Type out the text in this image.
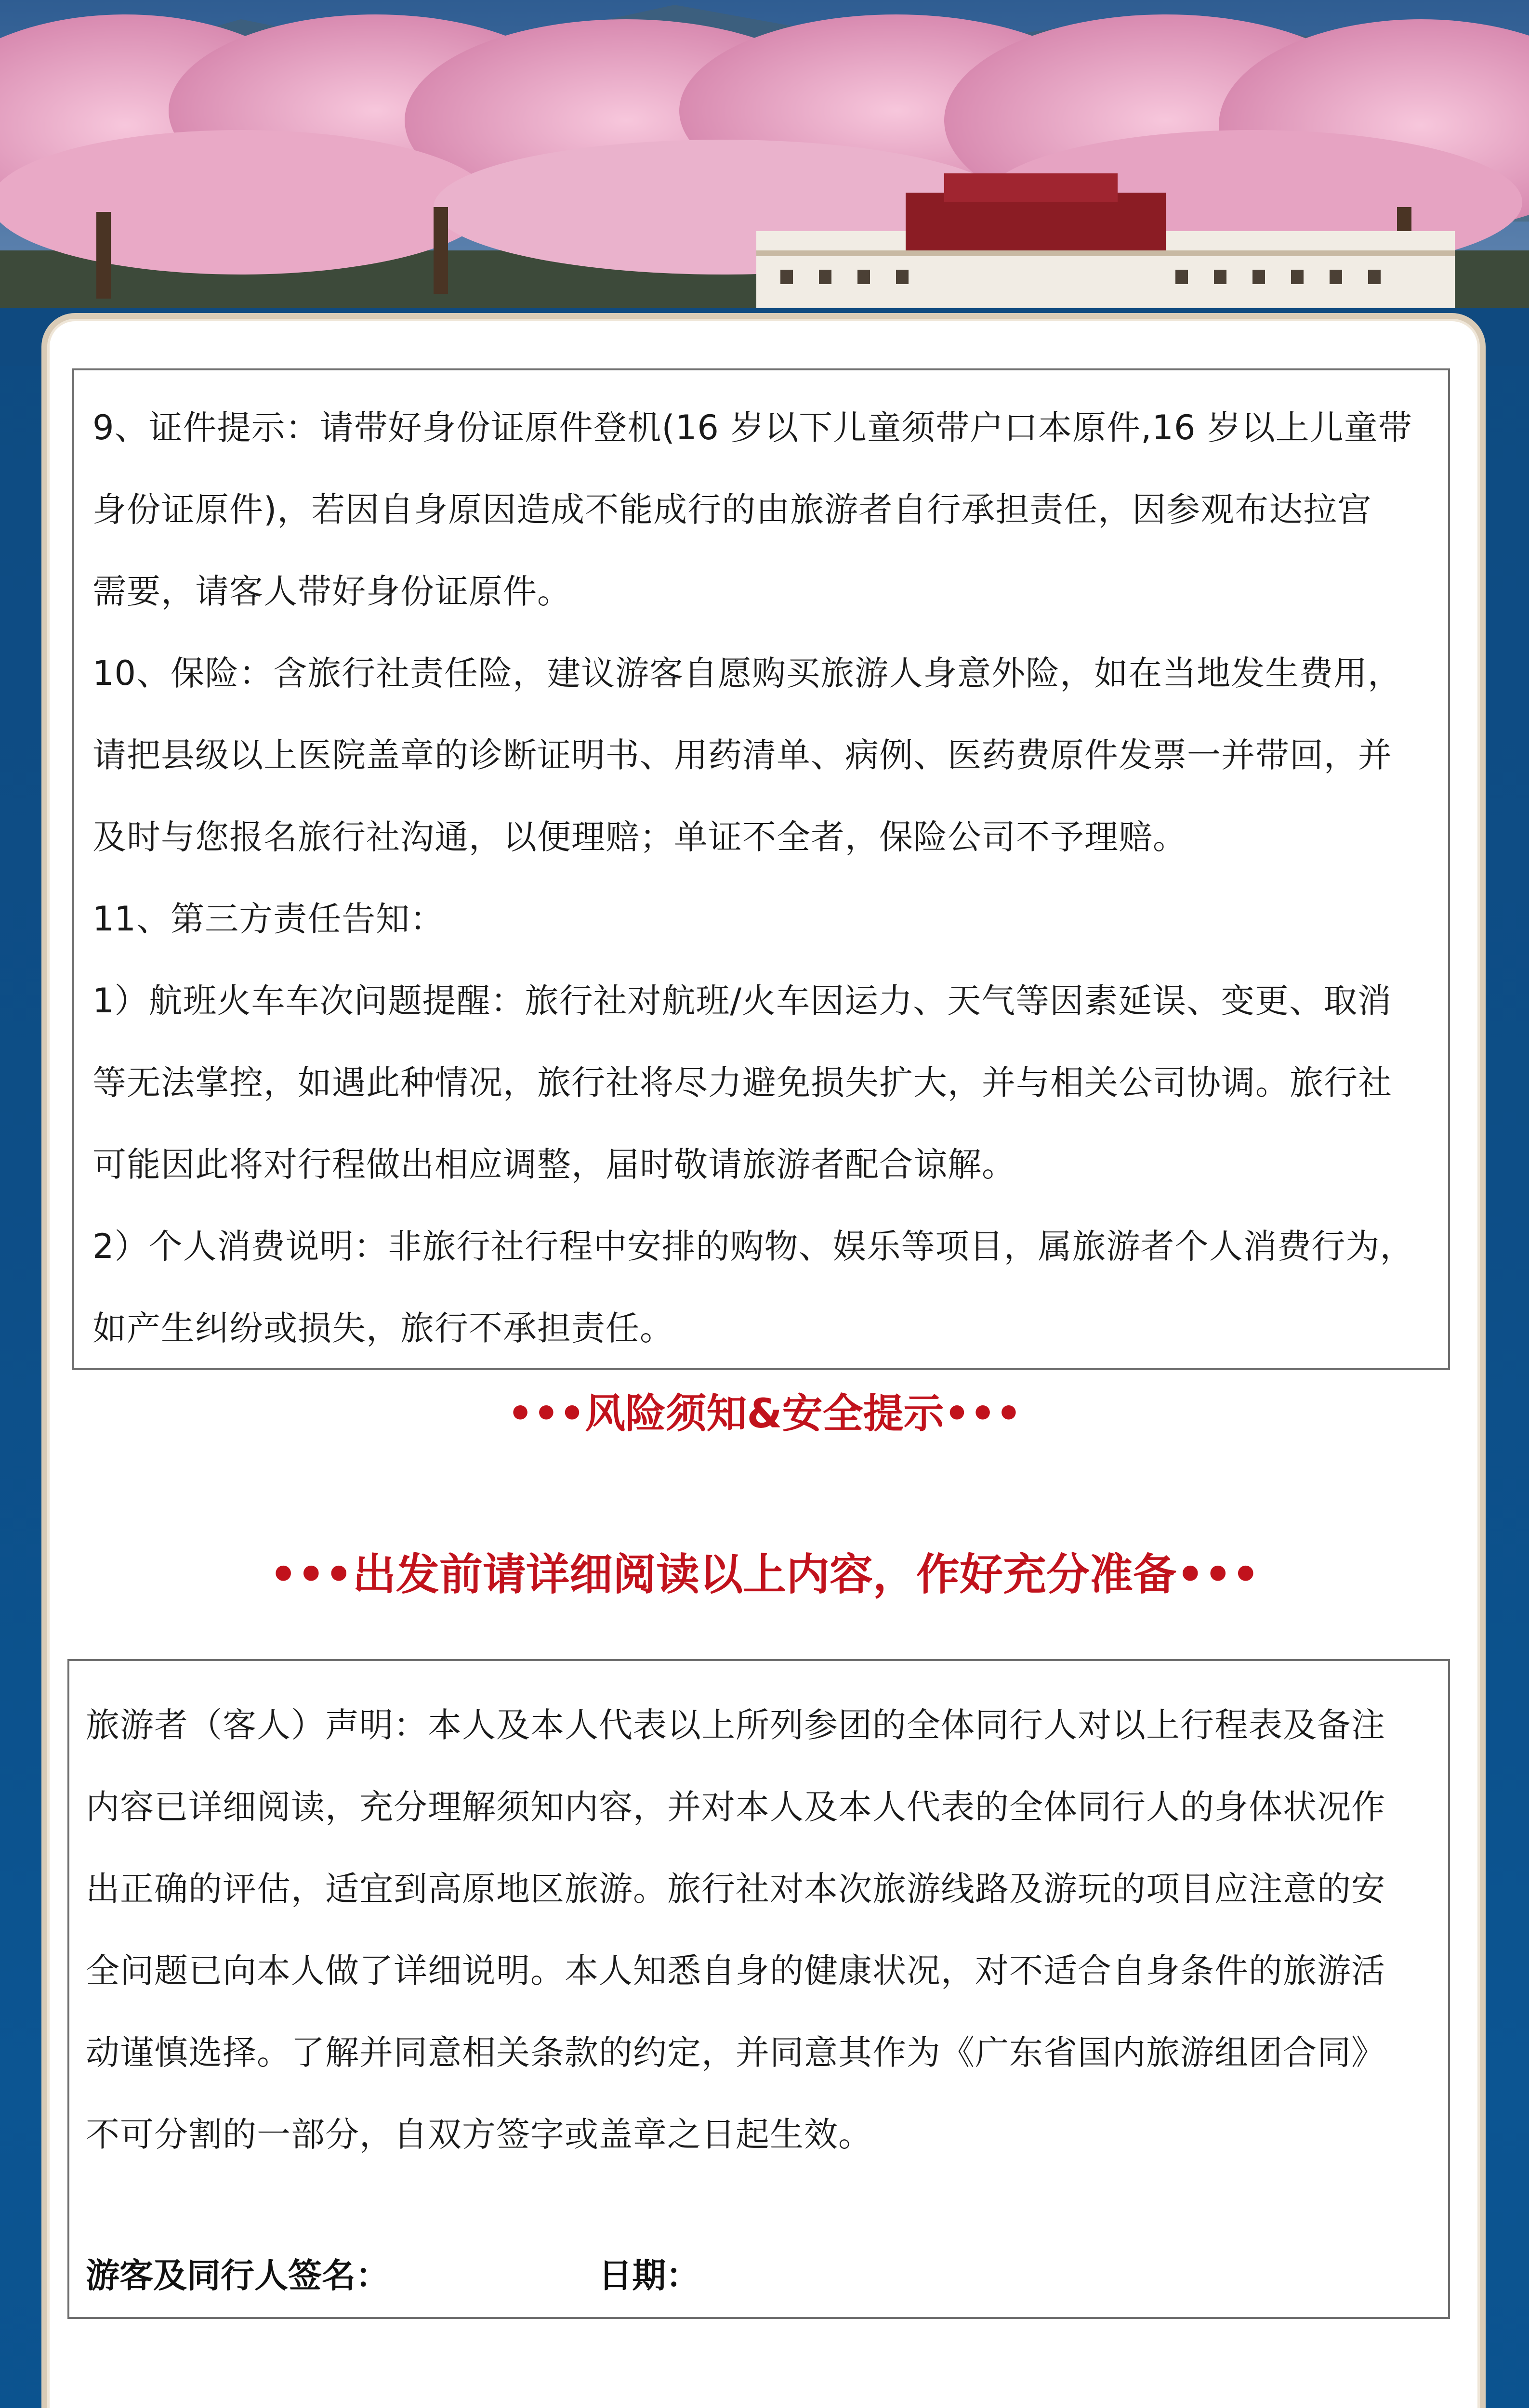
9、证件提示：请带好身份证原件登机(16 岁以下儿童须带户口本原件,16 岁以上儿童带

身份证原件)，若因自身原因造成不能成行的由旅游者自行承担责任，因参观布达拉宫

需要，请客人带好身份证原件。

10、保险：含旅行社责任险，建议游客自愿购买旅游人身意外险，如在当地发生费用，

请把县级以上医院盖章的诊断证明书、用药清单、病例、医药费原件发票一并带回，并

及时与您报名旅行社沟通，以便理赔；单证不全者，保险公司不予理赔。

11、第三方责任告知：

1）航班火车车次问题提醒：旅行社对航班/火车因运力、天气等因素延误、变更、取消

等无法掌控，如遇此种情况，旅行社将尽力避免损失扩大，并与相关公司协调。旅行社

可能因此将对行程做出相应调整，届时敬请旅游者配合谅解。

2）个人消费说明：非旅行社行程中安排的购物、娱乐等项目，属旅游者个人消费行为，

如产生纠纷或损失，旅行不承担责任。

•••风险须知&安全提示•••
•••出发前请详细阅读以上内容，作好充分准备•••

旅游者（客人）声明：本人及本人代表以上所列参团的全体同行人对以上行程表及备注

内容已详细阅读，充分理解须知内容，并对本人及本人代表的全体同行人的身体状况作

出正确的评估，适宜到高原地区旅游。旅行社对本次旅游线路及游玩的项目应注意的安

全问题已向本人做了详细说明。本人知悉自身的健康状况，对不适合自身条件的旅游活

动谨慎选择。了解并同意相关条款的约定，并同意其作为《广东省国内旅游组团合同》

不可分割的一部分，自双方签字或盖章之日起生效。

游客及同行人签名：	日期：
